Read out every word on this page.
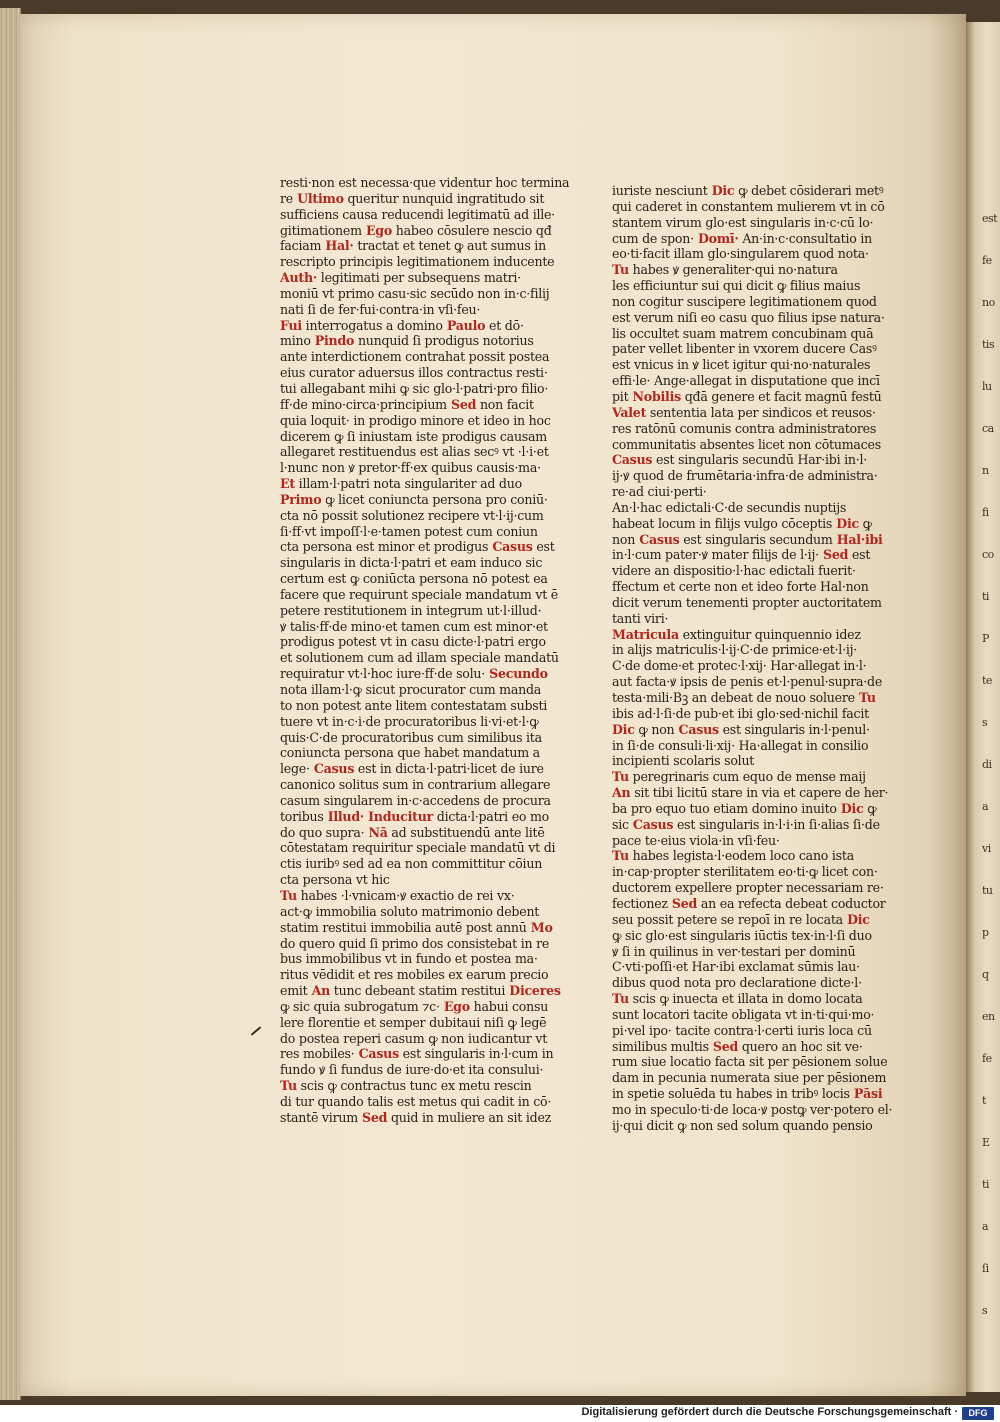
est
fe
no
tis
lu
ca
n
fi
co
ti
P
te
s
di
a
vi
tu
p
q
en
fe
t
E
ti
a
ſi
s
resti·non est necessa·que videntur hoc termina
re Ultimo queritur nunquid ingratitudo sit
sufficiens causa reducendi legitimatū ad ille·
gitimationem Ego habeo cōsulere nescio qđ
faciam Hal· tractat et tenet ꝙ aut sumus in
rescripto principis legitimationem inducente
Auth· legitimati per subsequens matri·
moniū vt primo casu·sic secūdo non in·c·filij
nati ſi de fer·fui·contra·in vſi·feu·
Fui interrogatus a domino Paulo et dō·
mino Pindo nunquid ſi prodigus notorius
ante interdictionem contrahat possit postea
eius curator aduersus illos contractus resti·
tui allegabant mihi ꝙ sic glo·l·patri·pro filio·
ff·de mino·circa·principium Sed non facit
quia loquit· in prodigo minore et ideo in hoc
dicerem ꝙ ſi iniustam iste prodigus causam
allegaret restituendus est alias secꝰ vt ·l·i·et
l·nunc non ꝟ pretor·ff·ex quibus causis·ma·
Et illam·l·patri nota singulariter ad duo
Primo ꝙ licet coniuncta persona pro coniū·
cta nō possit solutionez recipere vt·l·ij·cum
ſi·ff·vt impoſſ·l·e·tamen potest cum coniun
cta persona est minor et prodigus Casus est
singularis in dicta·l·patri et eam induco sic
certum est ꝙ coniūcta persona nō potest ea
facere que requirunt speciale mandatum vt ē
petere restitutionem in integrum ut·l·illud·
ꝟ talis·ff·de mino·et tamen cum est minor·et
prodigus potest vt in casu dicte·l·patri ergo
et solutionem cum ad illam speciale mandatū
requiratur vt·l·hoc iure·ff·de solu· Secundo
nota illam·l·ꝙ sicut procurator cum manda
to non potest ante litem contestatam substi
tuere vt in·c·i·de procuratoribus li·vi·et·l·ꝙ
quis·C·de procuratoribus cum similibus ita
coniuncta persona que habet mandatum a
lege· Casus est in dicta·l·patri·licet de iure
canonico solitus sum in contrarium allegare
casum singularem in·c·accedens de procura
toribus Illud· Inducitur dicta·l·patri eo mo
do quo supra· Nā ad substituendū ante litē
cōtestatam requiritur speciale mandatū vt di
ctis iuribꝰ sed ad ea non committitur cōiun
cta persona vt hic
Tu habes ·l·vnicam·ꝟ exactio de rei vx·
act·ꝙ immobilia soluto matrimonio debent
statim restitui immobilia autē post annū Mo
do quero quid ſi primo dos consistebat in re
bus immobilibus vt in fundo et postea ma·
ritus vēdidit et res mobiles ex earum precio
emit An tunc debeant statim restitui Diceres
ꝙ sic quia subrogatum ⁊c· Ego habui consu
lere florentie et semper dubitaui niſi ꝙ legē
do postea reperi casum ꝙ non iudicantur vt
res mobiles· Casus est singularis in·l·cum in
fundo ꝟ ſi fundus de iure·do·et ita consului·
Tu scis ꝙ contractus tunc ex metu rescin
di tur quando talis est metus qui cadit in cō·
stantē virum Sed quid in muliere an sit idez
iuriste nesciunt Dic ꝙ debet cōsiderari metꝰ
qui caderet in constantem mulierem vt in cō
stantem virum glo·est singularis in·c·cū lo·
cum de spon· Domī· An·in·c·consultatio in
eo·ti·facit illam glo·singularem quod nota·
Tu habes ꝟ generaliter·qui no·natura
les efficiuntur sui qui dicit ꝙ filius maius
non cogitur suscipere legitimationem quod
est verum niſi eo casu quo filius ipse natura·
lis occultet suam matrem concubinam quā
pater vellet libenter in vxorem ducere Casꝰ
est vnicus in ꝟ licet igitur qui·no·naturales
effi·le· Ange·allegat in disputatione que incī
pit Nobilis qđā genere et facit magnū festū
Valet sententia lata per sindicos et reusos·
res ratōnū comunis contra administratores
communitatis absentes licet non cōtumaces
Casus est singularis secundū Har·ibi in·l·
ij·ꝟ quod de frumētaria·infra·de administra·
re·ad ciui·perti·
An·l·hac edictali·C·de secundis nuptijs
habeat locum in filijs vulgo cōceptis Dic ꝙ
non Casus est singularis secundum Hal·ibi
in·l·cum pater·ꝟ mater filijs de l·ij· Sed est
videre an dispositio·l·hac edictali fuerit·
ffectum et certe non et ideo forte Hal·non
dicit verum tenementi propter auctoritatem
tanti viri·
Matricula extinguitur quinquennio idez
in alijs matriculis·l·ij·C·de primice·et·l·ij·
C·de dome·et protec·l·xij· Har·allegat in·l·
aut facta·ꝟ ipsis de penis et·l·penul·supra·de
testa·mili·Bꝫ an debeat de nouo soluere Tu
ibis ad·l·ſi·de pub·et ibi glo·sed·nichil facit
Dic ꝙ non Casus est singularis in·l·penul·
in ſi·de consuli·li·xij· Ha·allegat in consilio
incipienti scolaris solut
Tu peregrinaris cum equo de mense maij
An sit tibi licitū stare in via et capere de her·
ba pro equo tuo etiam domino inuito Dic ꝙ
sic Casus est singularis in·l·i·in ſi·alias ſi·de
pace te·eius viola·in vſi·feu·
Tu habes legista·l·eodem loco cano ista
in·cap·propter sterilitatem eo·ti·ꝙ licet con·
ductorem expellere propter necessariam re·
fectionez Sed an ea refecta debeat coductor
seu possit petere se repoī in re locata Dic
ꝙ sic glo·est singularis iūctis tex·in·l·ſi duo
ꝟ ſi in quilinus in ver·testari per dominū
C·vti·poſſi·et Har·ibi exclamat sūmis lau·
dibus quod nota pro declaratione dicte·l·
Tu scis ꝙ inuecta et illata in domo locata
sunt locatori tacite obligata vt in·ti·qui·mo·
pi·vel ipo· tacite contra·l·certi iuris loca cū
similibus multis Sed quero an hoc sit ve·
rum siue locatio facta sit per pēsionem solue
dam in pecunia numerata siue per pēsionem
in spetie soluēda tu habes in tribꝰ locis Pāsi
mo in speculo·ti·de loca·ꝟ postꝙ ver·potero el·
ij·qui dicit ꝙ non sed solum quando pensio
Digitalisierung gefördert durch die Deutsche Forschungsgemeinschaft ·	DFG
